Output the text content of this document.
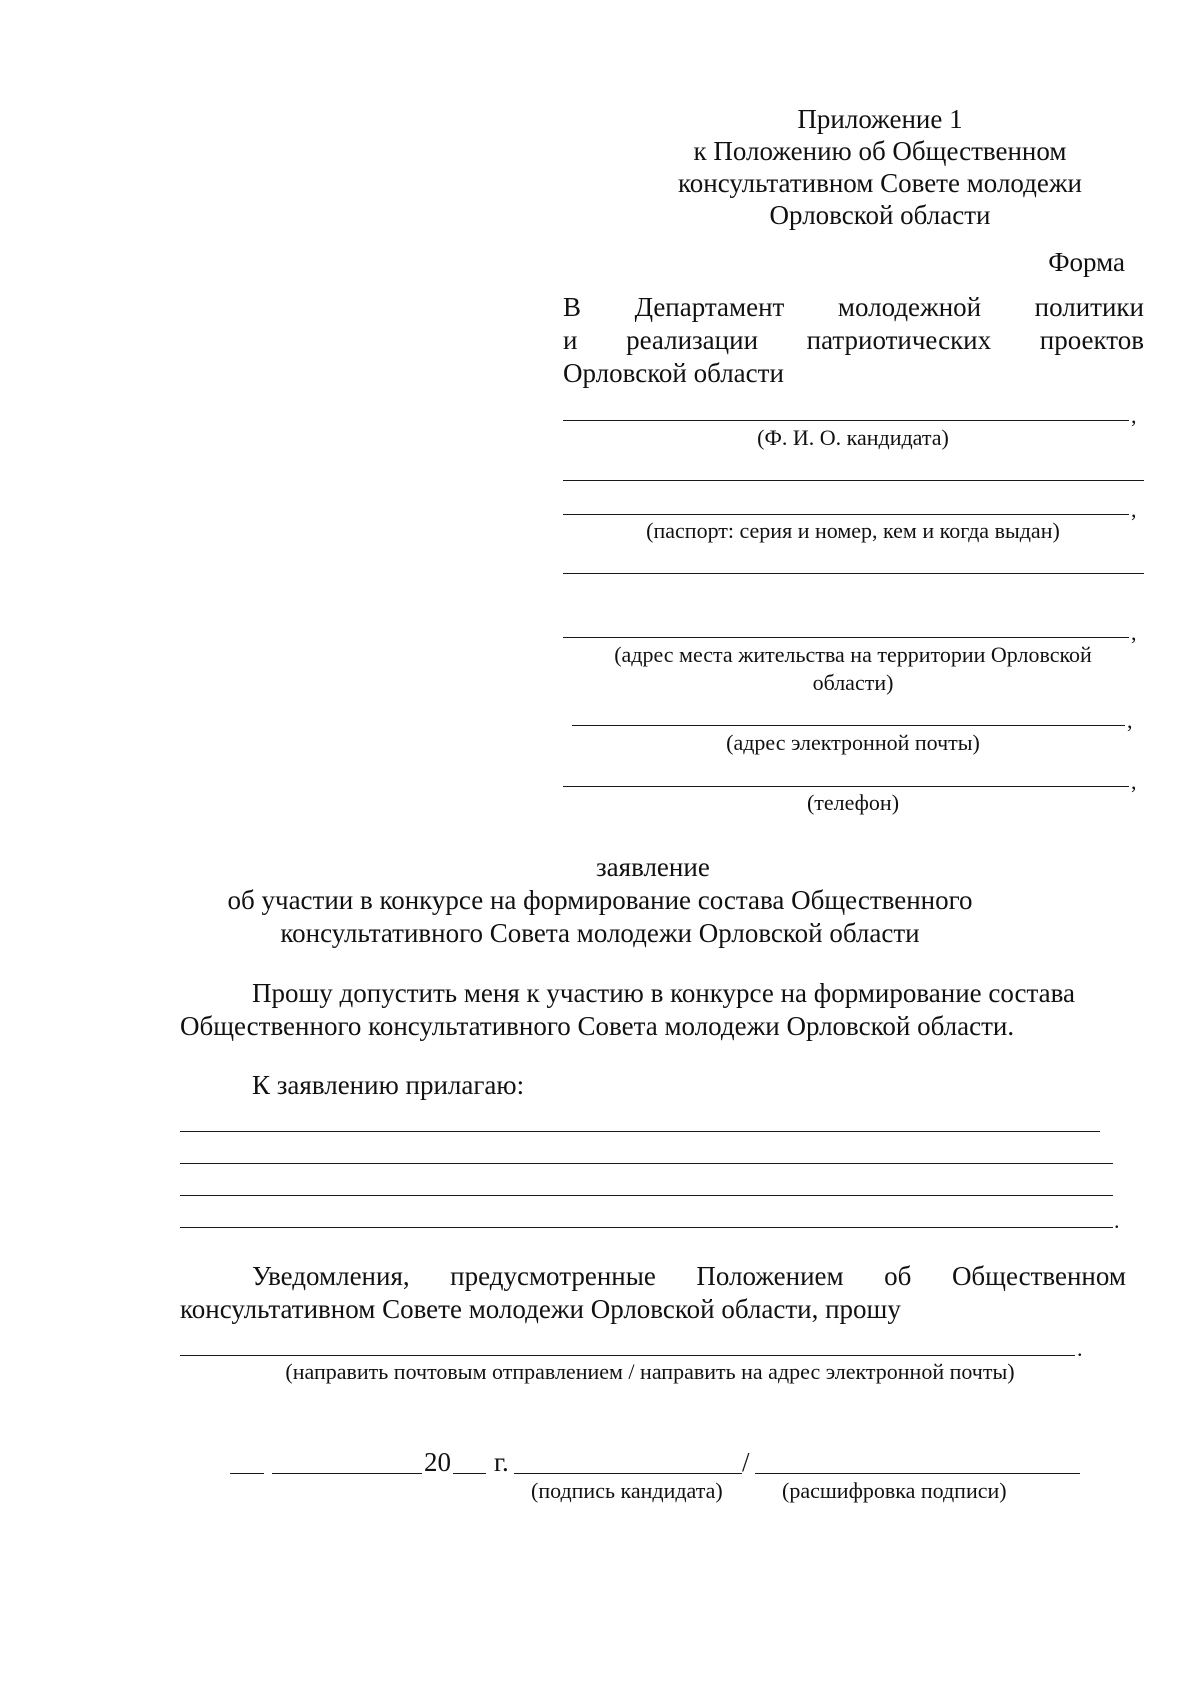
Приложение 1
к Положению об Общественном
консультативном Совете молодежи
Орловской области
Форма
В Департамент молодежной политики
и реализации патриотических проектов
Орловской области
,
(Ф. И. О. кандидата)
,
(паспорт: серия и номер, кем и когда выдан)
,
(адрес места жительства на территории Орловской
области)
,
(адрес электронной почты)
,
(телефон)
заявление
об участии в конкурсе на формирование состава Общественного
консультативного Совета молодежи Орловской области
Прошу допустить меня к участию в конкурсе на формирование состава
Общественного консультативного Совета молодежи Орловской области.
К заявлению прилагаю:
.
Уведомления, предусмотренные Положением об Общественном
консультативном Совете молодежи Орловской области, прошу
.
(направить почтовым отправлением / направить на адрес электронной почты)
20 г.	/
(подпись кандидата)	(расшифровка подписи)
